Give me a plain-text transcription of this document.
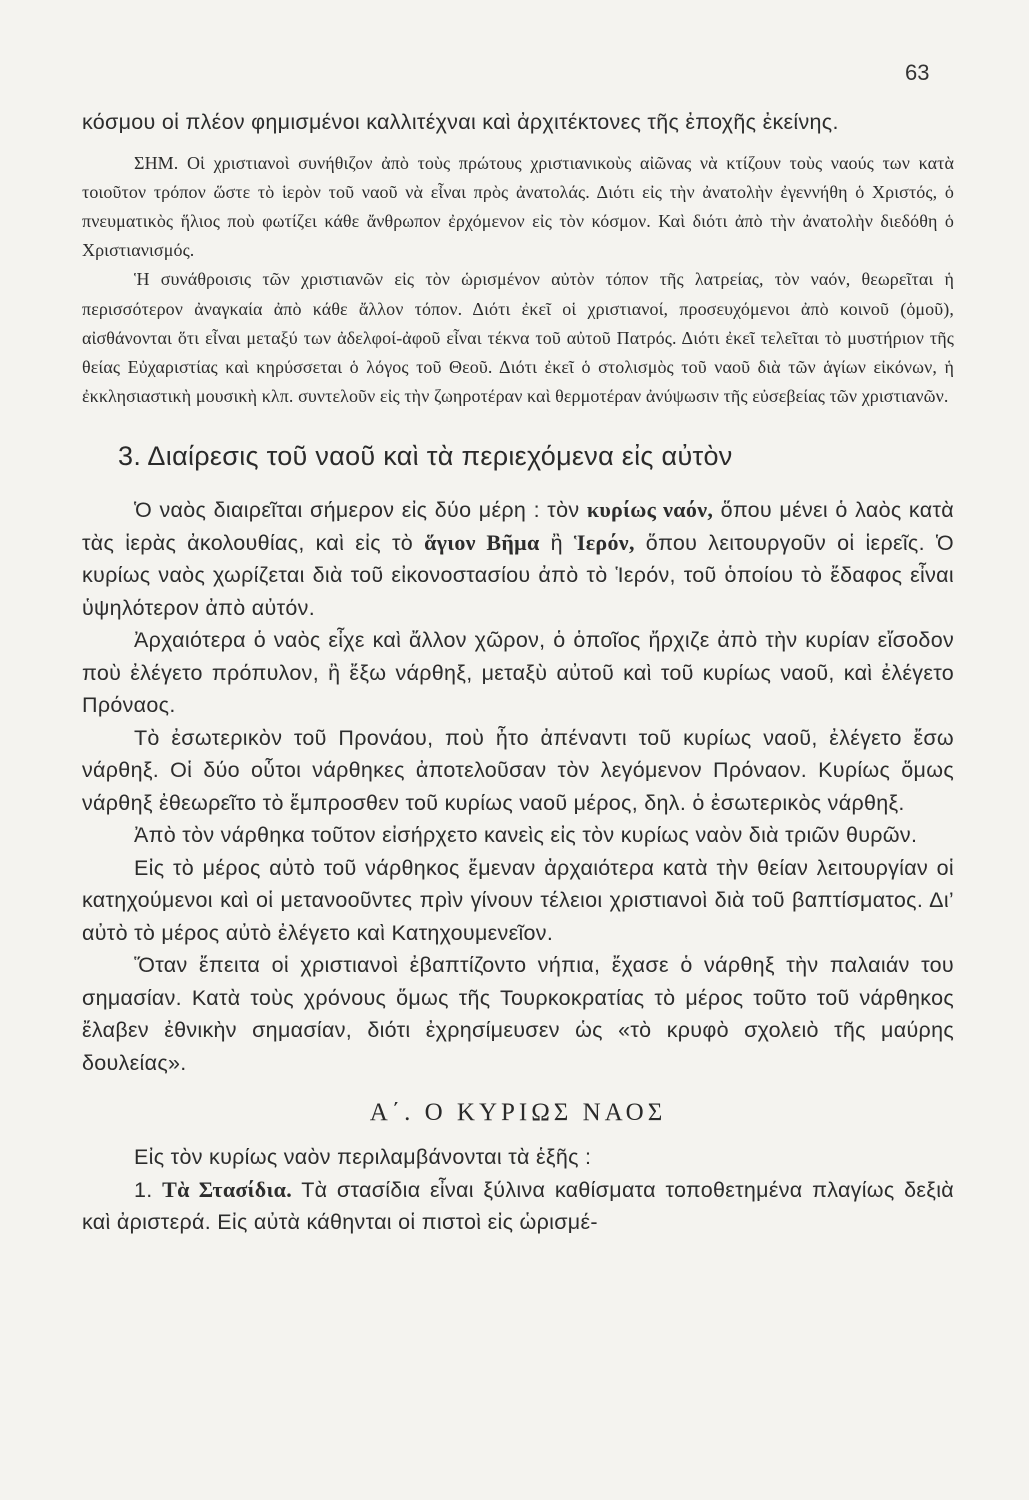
63

κόσμου οἱ πλέον φημισμένοι καλλιτέχναι καὶ ἀρχιτέκτονες τῆς ἐποχῆς ἐκείνης.

ΣΗΜ. Οἱ χριστιανοὶ συνήθιζον ἀπὸ τοὺς πρώτους χριστιανικοὺς αἰῶνας νὰ κτίζουν τοὺς ναούς των κατὰ τοιοῦτον τρόπον ὥστε τὸ ἱερὸν τοῦ ναοῦ νὰ εἶναι πρὸς ἀνατολάς. Διότι εἰς τὴν ἀνατολὴν ἐγεννήθη ὁ Χριστός, ὁ πνευματικὸς ἥλιος ποὺ φωτίζει κάθε ἄνθρωπον ἐρχόμενον εἰς τὸν κόσμον. Καὶ διότι ἀπὸ τὴν ἀνατολὴν διεδόθη ὁ Χριστιανισμός.

Ἡ συνάθροισις τῶν χριστιανῶν εἰς τὸν ὡρισμένον αὐτὸν τόπον τῆς λατρείας, τὸν ναόν, θεωρεῖται ἡ περισσότερον ἀναγκαία ἀπὸ κάθε ἄλλον τόπον. Διότι ἐκεῖ οἱ χριστιανοί, προσευχόμενοι ἀπὸ κοινοῦ (ὁμοῦ), αἰσθάνονται ὅτι εἶναι μεταξύ των ἀδελφοί-ἀφοῦ εἶναι τέκνα τοῦ αὐτοῦ Πατρός. Διότι ἐκεῖ τελεῖται τὸ μυστήριον τῆς θείας Εὐχαριστίας καὶ κηρύσσεται ὁ λόγος τοῦ Θεοῦ. Διότι ἐκεῖ ὁ στολισμὸς τοῦ ναοῦ διὰ τῶν ἁγίων εἰκόνων, ἡ ἐκκλησιαστικὴ μουσικὴ κλπ. συντελοῦν εἰς τὴν ζωηροτέραν καὶ θερμοτέραν ἀνύψωσιν τῆς εὐσεβείας τῶν χριστιανῶν.

3. Διαίρεσις τοῦ ναοῦ καὶ τὰ περιεχόμενα εἰς αὐτὸν

Ὁ ναὸς διαιρεῖται σήμερον εἰς δύο μέρη : τὸν κυρίως ναόν, ὅπου μένει ὁ λαὸς κατὰ τὰς ἱερὰς ἀκολουθίας, καὶ εἰς τὸ ἅγιον Βῆμα ἢ Ἱερόν, ὅπου λειτουργοῦν οἱ ἱερεῖς. Ὁ κυρίως ναὸς χωρίζεται διὰ τοῦ εἰκονοστασίου ἀπὸ τὸ Ἱερόν, τοῦ ὁποίου τὸ ἔδαφος εἶναι ὑψηλότερον ἀπὸ αὐτόν.

Ἀρχαιότερα ὁ ναὸς εἶχε καὶ ἄλλον χῶρον, ὁ ὁποῖος ἤρχιζε ἀπὸ τὴν κυρίαν εἴσοδον ποὺ ἐλέγετο πρόπυλον, ἢ ἔξω νάρθηξ, μεταξὺ αὐτοῦ καὶ τοῦ κυρίως ναοῦ, καὶ ἐλέγετο Πρόναος.

Τὸ ἐσωτερικὸν τοῦ Προνάου, ποὺ ἦτο ἀπέναντι τοῦ κυρίως ναοῦ, ἐλέγετο ἔσω νάρθηξ. Οἱ δύο οὗτοι νάρθηκες ἀποτελοῦσαν τὸν λεγόμενον Πρόναον. Κυρίως ὅμως νάρθηξ ἐθεωρεῖτο τὸ ἔμπροσθεν τοῦ κυρίως ναοῦ μέρος, δηλ. ὁ ἐσωτερικὸς νάρθηξ.

Ἀπὸ τὸν νάρθηκα τοῦτον εἰσήρχετο κανεὶς εἰς τὸν κυρίως ναὸν διὰ τριῶν θυρῶν.

Εἰς τὸ μέρος αὐτὸ τοῦ νάρθηκος ἔμεναν ἀρχαιότερα κατὰ τὴν θείαν λειτουργίαν οἱ κατηχούμενοι καὶ οἱ μετανοοῦντες πρὶν γίνουν τέλειοι χριστιανοὶ διὰ τοῦ βαπτίσματος. Δι’ αὐτὸ τὸ μέρος αὐτὸ ἐλέγετο καὶ Κατηχουμενεῖον.

Ὅταν ἔπειτα οἱ χριστιανοὶ ἐβαπτίζοντο νήπια, ἔχασε ὁ νάρθηξ τὴν παλαιάν του σημασίαν. Κατὰ τοὺς χρόνους ὅμως τῆς Τουρκοκρατίας τὸ μέρος τοῦτο τοῦ νάρθηκος ἔλαβεν ἐθνικὴν σημασίαν, διότι ἐχρησίμευσεν ὡς «τὸ κρυφὸ σχολειὸ τῆς μαύρης δουλείας».

Α΄. Ο ΚΥΡΙΩΣ ΝΑΟΣ

Εἰς τὸν κυρίως ναὸν περιλαμβάνονται τὰ ἑξῆς :

1. Τὰ Στασίδια. Τὰ στασίδια εἶναι ξύλινα καθίσματα τοποθετημένα πλαγίως δεξιὰ καὶ ἀριστερά. Εἰς αὐτὰ κάθηνται οἱ πιστοὶ εἰς ὡρισμέ-
